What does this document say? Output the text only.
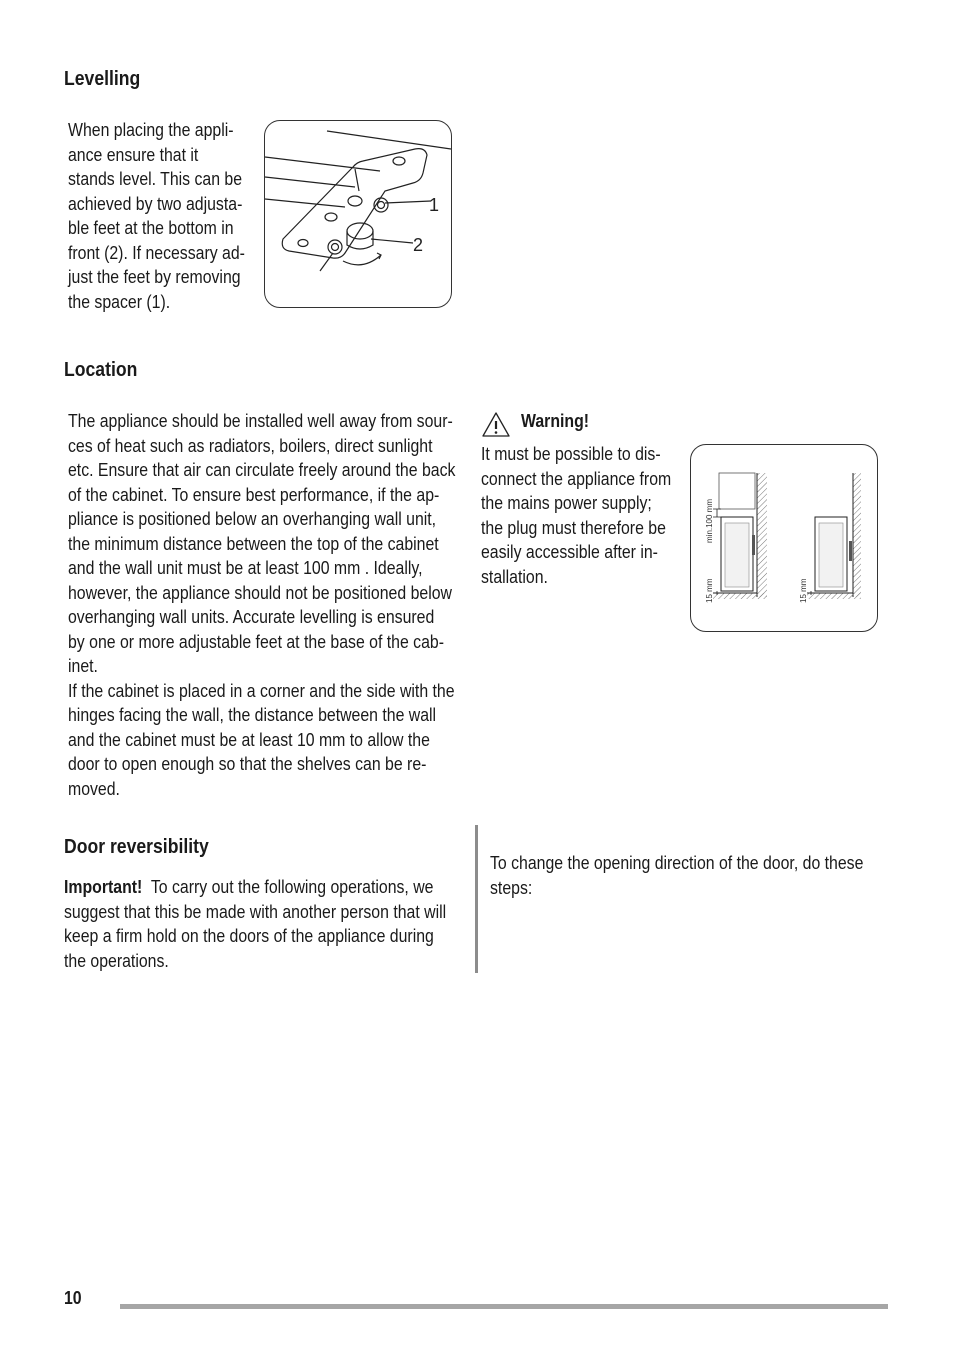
Levelling
When placing the appli-
ance ensure that it
stands level. This can be
achieved by two adjusta-
ble feet at the bottom in
front (2). If necessary ad-
just the feet by removing
the spacer (1).
1
2
Location
The appliance should be installed well away from sour-
ces of heat such as radiators, boilers, direct sunlight
etc. Ensure that air can circulate freely around the back
of the cabinet. To ensure best performance, if the ap-
pliance is positioned below an overhanging wall unit,
the minimum distance between the top of the cabinet
and the wall unit must be at least 100 mm . Ideally,
however, the appliance should not be positioned below
overhanging wall units. Accurate levelling is ensured
by one or more adjustable feet at the base of the cab-
inet.
If the cabinet is placed in a corner and the side with the
hinges facing the wall, the distance between the wall
and the cabinet must be at least 10 mm to allow the
door to open enough so that the shelves can be re-
moved.
Warning!
It must be possible to dis-
connect the appliance from
the mains power supply;
the plug must therefore be
easily accessible after in-
stallation.
min.100 mm
15 mm	15 mm
Door reversibility
Important! To carry out the following operations, we
suggest that this be made with another person that will
keep a firm hold on the doors of the appliance during
the operations.
To change the opening direction of the door, do these
steps:
10
